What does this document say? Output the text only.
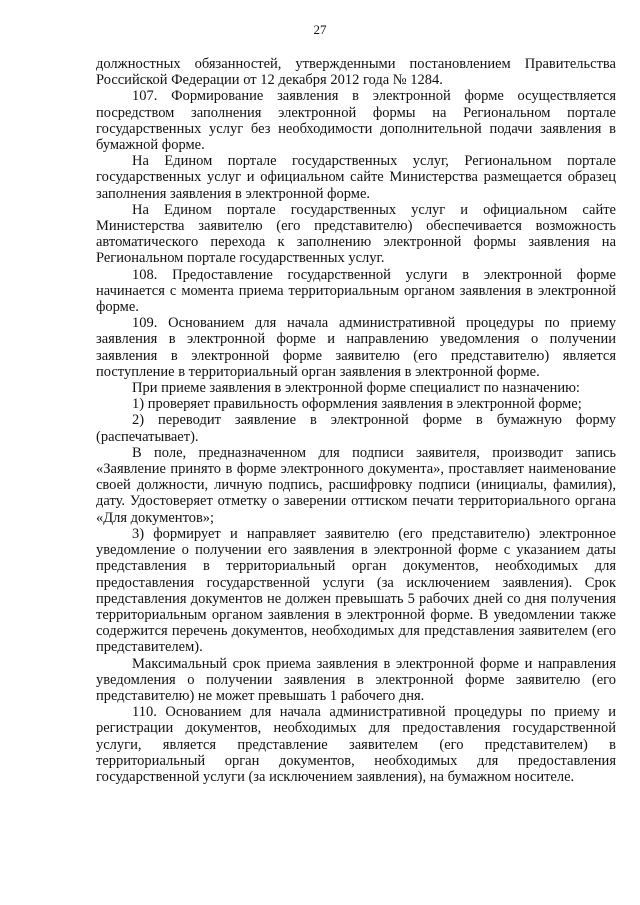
27

должностных обязанностей, утвержденными постановлением Правительства Российской Федерации от 12 декабря 2012 года № 1284.

107. Формирование заявления в электронной форме осуществляется посредством заполнения электронной формы на Региональном портале государственных услуг без необходимости дополнительной подачи заявления в бумажной форме.

На Едином портале государственных услуг, Региональном портале государственных услуг и официальном сайте Министерства размещается образец заполнения заявления в электронной форме.

На Едином портале государственных услуг и официальном сайте Министерства заявителю (его представителю) обеспечивается возможность автоматического перехода к заполнению электронной формы заявления на Региональном портале государственных услуг.

108. Предоставление государственной услуги в электронной форме начинается с момента приема территориальным органом заявления в электронной форме.

109. Основанием для начала административной процедуры по приему заявления в электронной форме и направлению уведомления о получении заявления в электронной форме заявителю (его представителю) является поступление в территориальный орган заявления в электронной форме.

При приеме заявления в электронной форме специалист по назначению:

1) проверяет правильность оформления заявления в электронной форме;

2) переводит заявление в электронной форме в бумажную форму (распечатывает).

В поле, предназначенном для подписи заявителя, производит запись «Заявление принято в форме электронного документа», проставляет наименование своей должности, личную подпись, расшифровку подписи (инициалы, фамилия), дату. Удостоверяет отметку о заверении оттиском печати территориального органа «Для документов»;

3) формирует и направляет заявителю (его представителю) электронное уведомление о получении его заявления в электронной форме с указанием даты представления в территориальный орган документов, необходимых для предоставления государственной услуги (за исключением заявления). Срок представления документов не должен превышать 5 рабочих дней со дня получения территориальным органом заявления в электронной форме. В уведомлении также содержится перечень документов, необходимых для представления заявителем (его представителем).

Максимальный срок приема заявления в электронной форме и направления уведомления о получении заявления в электронной форме заявителю (его представителю) не может превышать 1 рабочего дня.

110. Основанием для начала административной процедуры по приему и регистрации документов, необходимых для предоставления государственной услуги, является представление заявителем (его представителем) в территориальный орган документов, необходимых для предоставления государственной услуги (за исключением заявления), на бумажном носителе.
